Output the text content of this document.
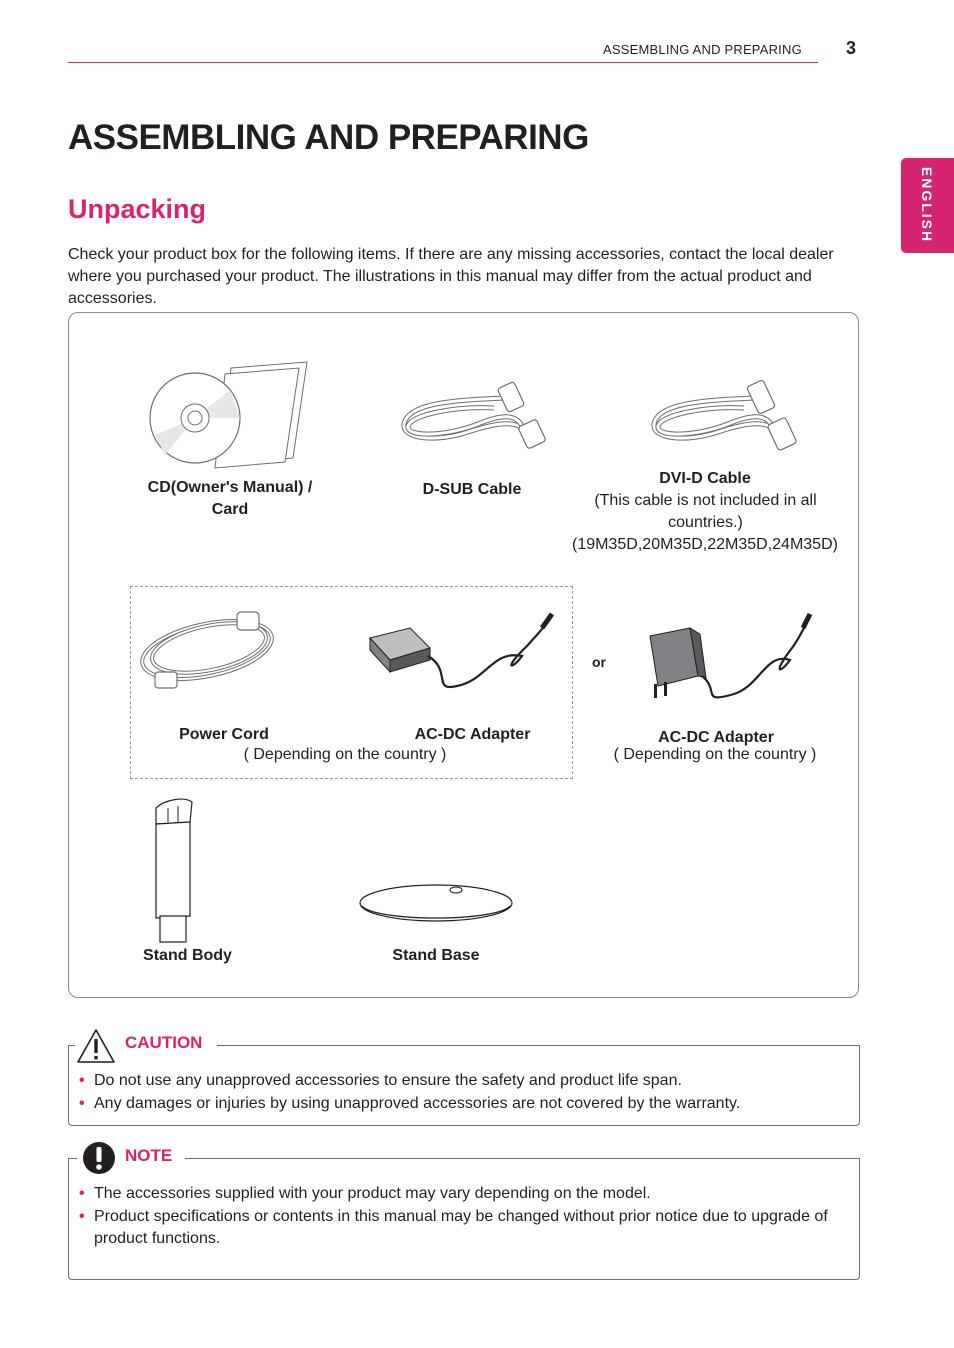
ASSEMBLING AND PREPARING 3
ENGLISH
ASSEMBLING AND PREPARING
Unpacking

Check your product box for the following items. If there are any missing accessories, contact the local dealer where you purchased your product. The illustrations in this manual may differ from the actual product and accessories.

CD(Owner's Manual) / Card
D-SUB Cable
DVI-D Cable
(This cable is not included in all countries.)
(19M35D,20M35D,22M35D,24M35D)
Power Cord	AC-DC Adapter
( Depending on the country )
or
AC-DC Adapter
( Depending on the country )
Stand Body	Stand Base
CAUTION
• Do not use any unapproved accessories to ensure the safety and product life span.
• Any damages or injuries by using unapproved accessories are not covered by the warranty.
NOTE
• The accessories supplied with your product may vary depending on the model.
• Product specifications or contents in this manual may be changed without prior notice due to upgrade of product functions.
